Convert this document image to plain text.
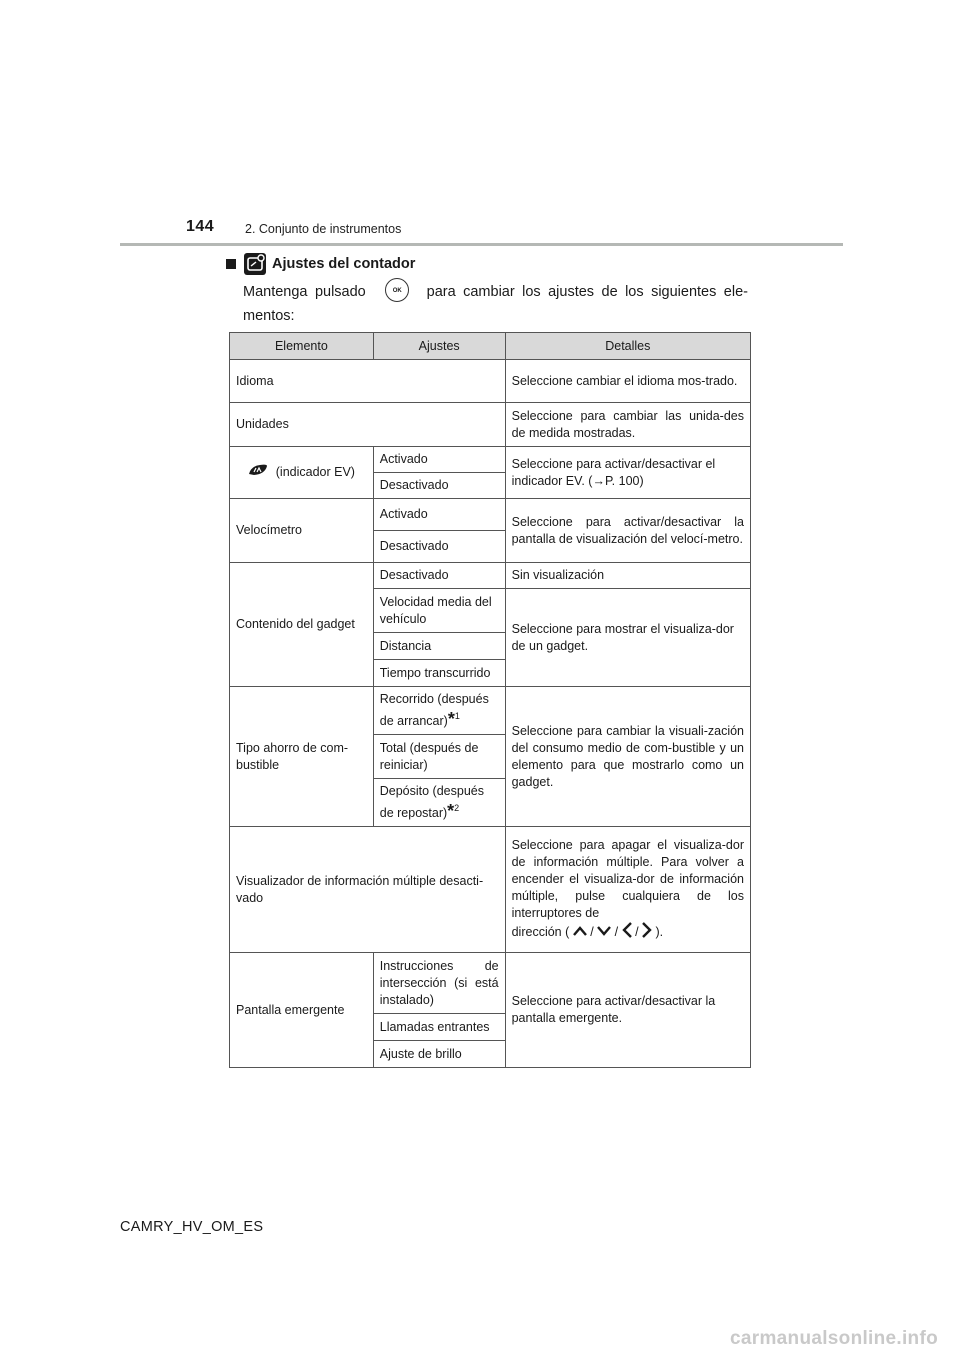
144 2. Conjunto de instrumentos
Ajustes del contador
Mantenga pulsado	OK para cambiar los ajustes de los siguientes ele-mentos:
Elemento	Ajustes	Detalles
Idioma		Seleccione cambiar el idioma mos-trado.
Unidades		Seleccione para cambiar las unida-des de medida mostradas.
(indicador EV)	Activado	Seleccione para activar/desactivar el indicador EV. (→P. 100)
	Desactivado	
Velocímetro	Activado	Seleccione para activar/desactivar la pantalla de visualización del velocí-metro.
	Desactivado	
Contenido del gadget	Desactivado	Sin visualización
	Velocidad media del vehículo	Seleccione para mostrar el visualiza-dor de un gadget.
	Distancia	
	Tiempo transcurrido	
Tipo ahorro de com-bustible	Recorrido (después de arrancar)*$^1$	Seleccione para cambiar la visuali-zación del consumo medio de com-bustible y un elemento para que mostrarlo como un gadget.
	Total (después de reiniciar)	
	Depósito (después de repostar)*$^2$
Visualizador de información múltiple desacti-vado		Seleccione para apagar el visualiza-dor de información múltiple. Para volver a encender el visualiza-dor de información múltiple, pulse cualquiera de los interruptores de
dirección (  /  /  /  ).
Pantalla emergente	Instrucciones de intersección (si está instalado)	Seleccione para activar/desactivar la pantalla emergente.
	Llamadas entrantes	
	Ajuste de brillo	
CAMRY_HV_OM_ES
carmanualsonline.info
